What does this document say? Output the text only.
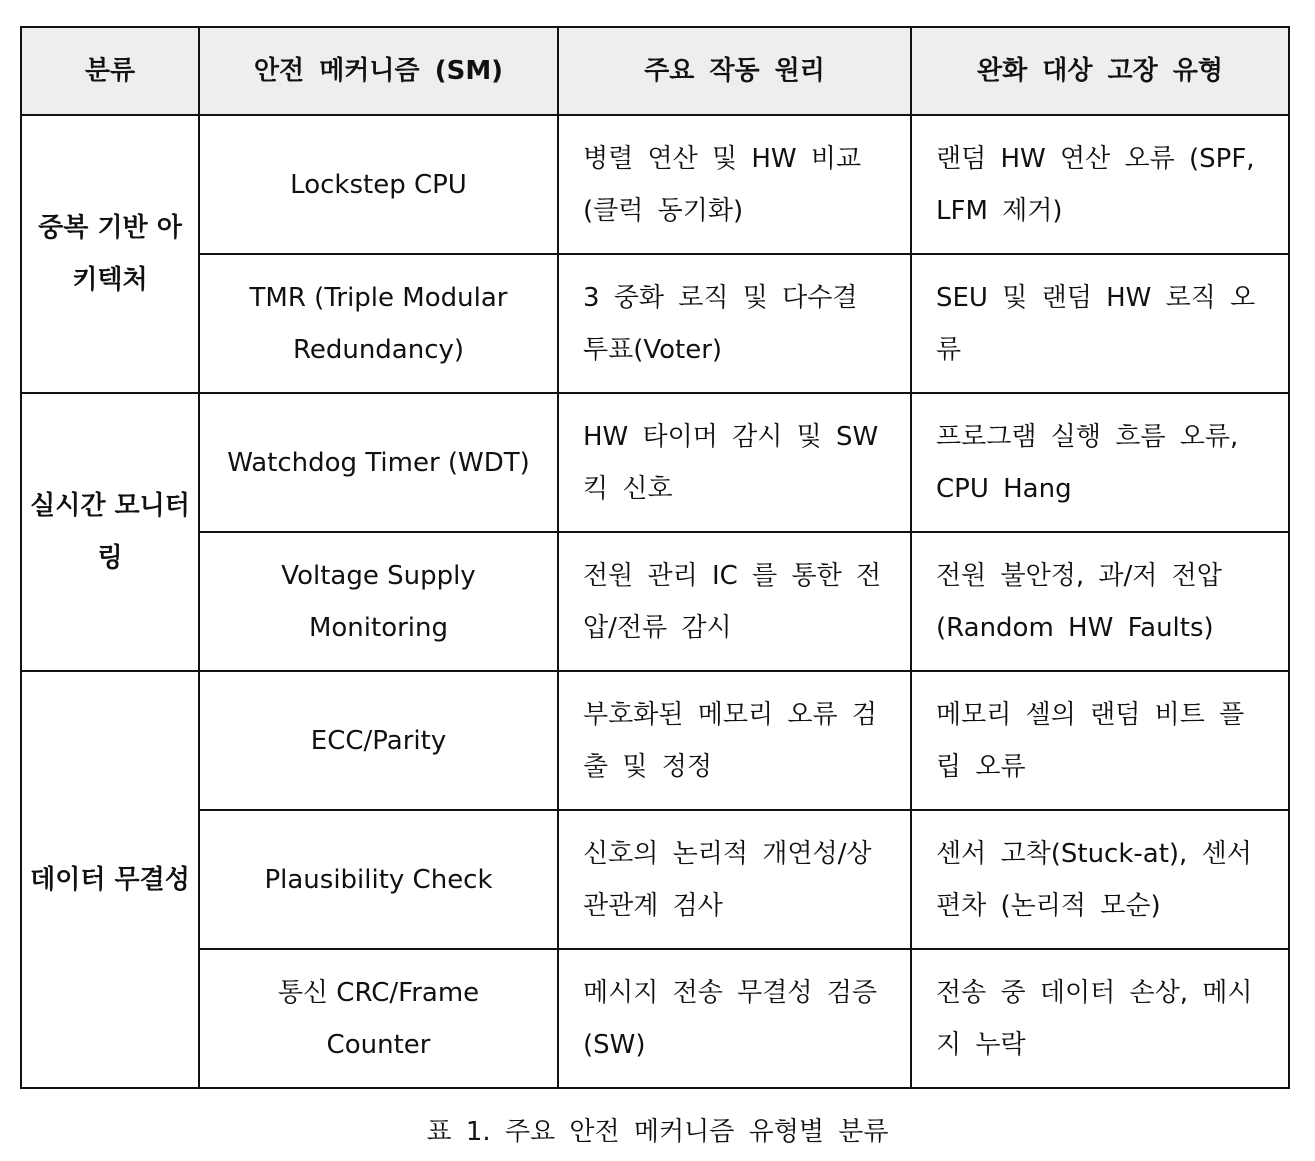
분류	안전 메커니즘 (SM)	주요 작동 원리	완화 대상 고장 유형
중복 기반 아키텍처	Lockstep CPU	병렬 연산 및 HW 비교 (클럭 동기화)	랜덤 HW 연산 오류 (SPF, LFM 제거)
	TMR (Triple Modular Redundancy)	3 중화 로직 및 다수결 투표(Voter)	SEU 및 랜덤 HW 로직 오류
실시간 모니터링	Watchdog Timer (WDT)	HW 타이머 감시 및 SW 킥 신호	프로그램 실행 흐름 오류, CPU Hang
	Voltage Supply Monitoring	전원 관리 IC 를 통한 전압/전류 감시	전원 불안정, 과/저 전압 (Random HW Faults)
데이터 무결성	ECC/Parity	부호화된 메모리 오류 검출 및 정정	메모리 셀의 랜덤 비트 플립 오류
	Plausibility Check	신호의 논리적 개연성/상관관계 검사	센서 고착(Stuck-at), 센서 편차 (논리적 모순)
	통신 CRC/Frame Counter	메시지 전송 무결성 검증 (SW)	전송 중 데이터 손상, 메시지 누락
표 1. 주요 안전 메커니즘 유형별 분류
